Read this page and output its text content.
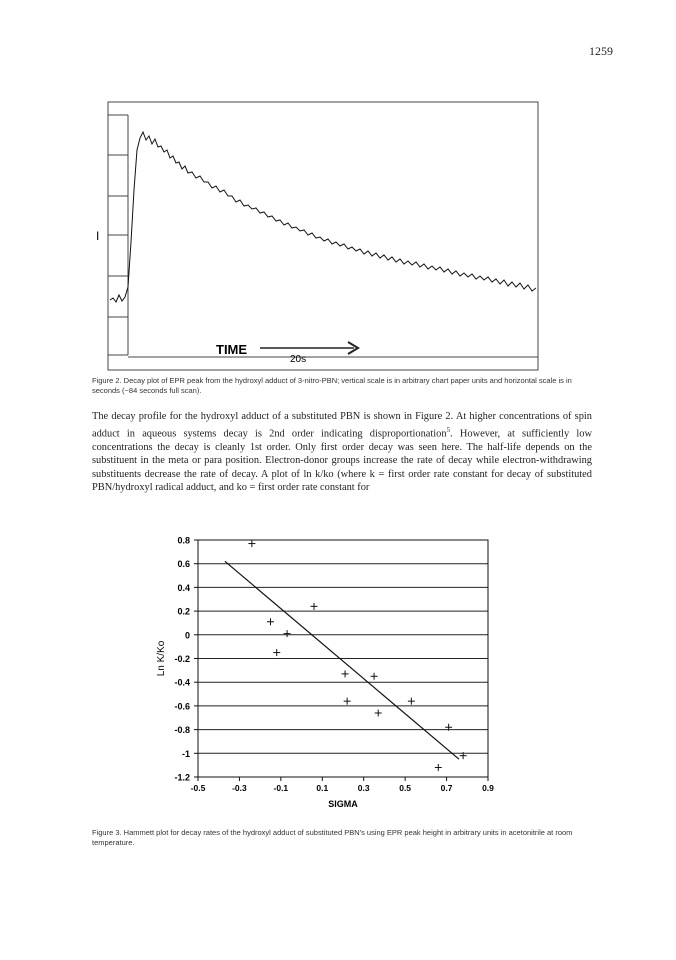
1259
I
TIME
20s
Figure 2. Decay plot of EPR peak from the hydroxyl adduct of 3-nitro-PBN; vertical scale is in arbitrary chart paper units and horizontal scale is in seconds (~84 seconds full scan).

The decay profile for the hydroxyl adduct of a substituted PBN is shown in Figure 2. At higher concentrations of spin adduct in aqueous systems decay is 2nd order indicating disproportionation$^5$. However, at sufficiently low concentrations the decay is cleanly 1st order. Only first order decay was seen here. The half-life depends on the substituent in the meta or para position. Electron-donor groups increase the rate of decay while electron-withdrawing substituents decrease the rate of decay. A plot of ln k/ko (where k = first order rate constant for decay of substituted PBN/hydroxyl radical adduct, and ko = first order rate constant for

0.8
0.6
0.4
0.2
0
-0.2
-0.4
-0.6
-0.8
-1
-1.2
-0.5	-0.3	-0.1	0.1	0.3	0.5	0.7	0.9
SIGMA
Ln K/Ko
Figure 3. Hammett plot for decay rates of the hydroxyl adduct of substituted PBN's using EPR peak height in arbitrary units in acetonitrile at room temperature.
